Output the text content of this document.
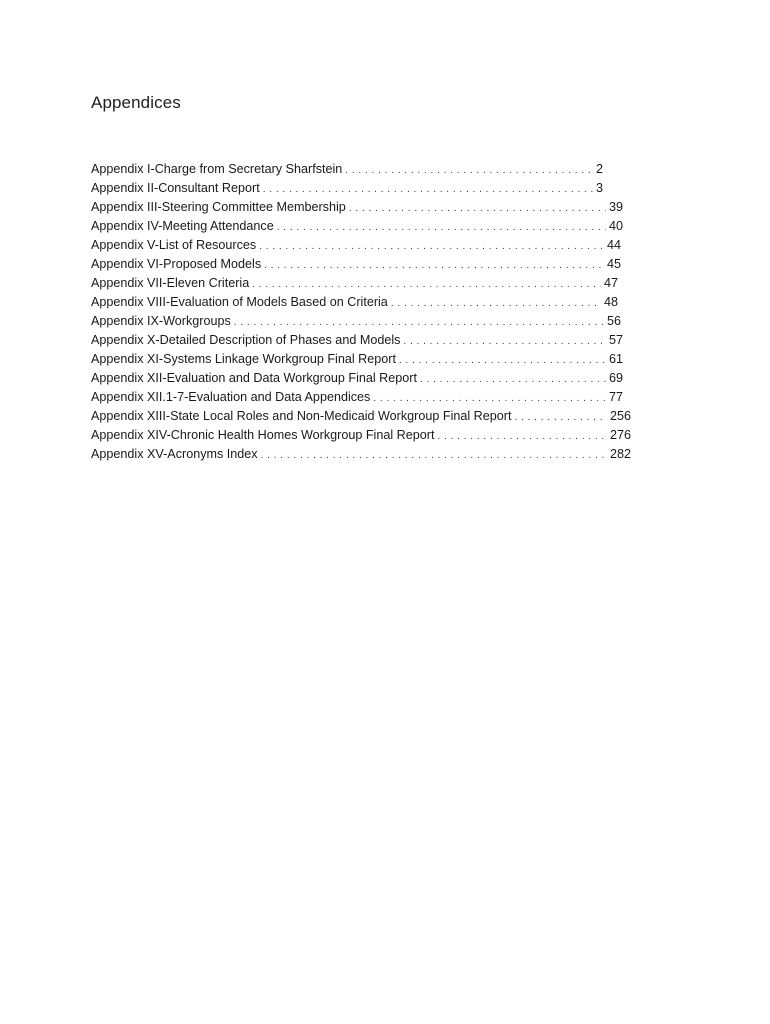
Appendices
Appendix I-Charge from Secretary Sharfstein . . .	2
Appendix II-Consultant Report . . .	3
Appendix III-Steering Committee Membership . . .	39
Appendix IV-Meeting Attendance . . .	40
Appendix V-List of Resources . . .	44
Appendix VI-Proposed Models . . .	45
Appendix VII-Eleven Criteria . . .	47
Appendix VIII-Evaluation of Models Based on Criteria . . .	48
Appendix IX-Workgroups . . .	56
Appendix X-Detailed Description of Phases and Models . . .	57
Appendix XI-Systems Linkage Workgroup Final Report . . .	61
Appendix XII-Evaluation and Data Workgroup Final Report . . .	69
Appendix XII.1-7-Evaluation and Data Appendices . . .	77
Appendix XIII-State Local Roles and Non-Medicaid Workgroup Final Report . . .	256
Appendix XIV-Chronic Health Homes Workgroup Final Report . . .	276
Appendix XV-Acronyms Index . . .	282
